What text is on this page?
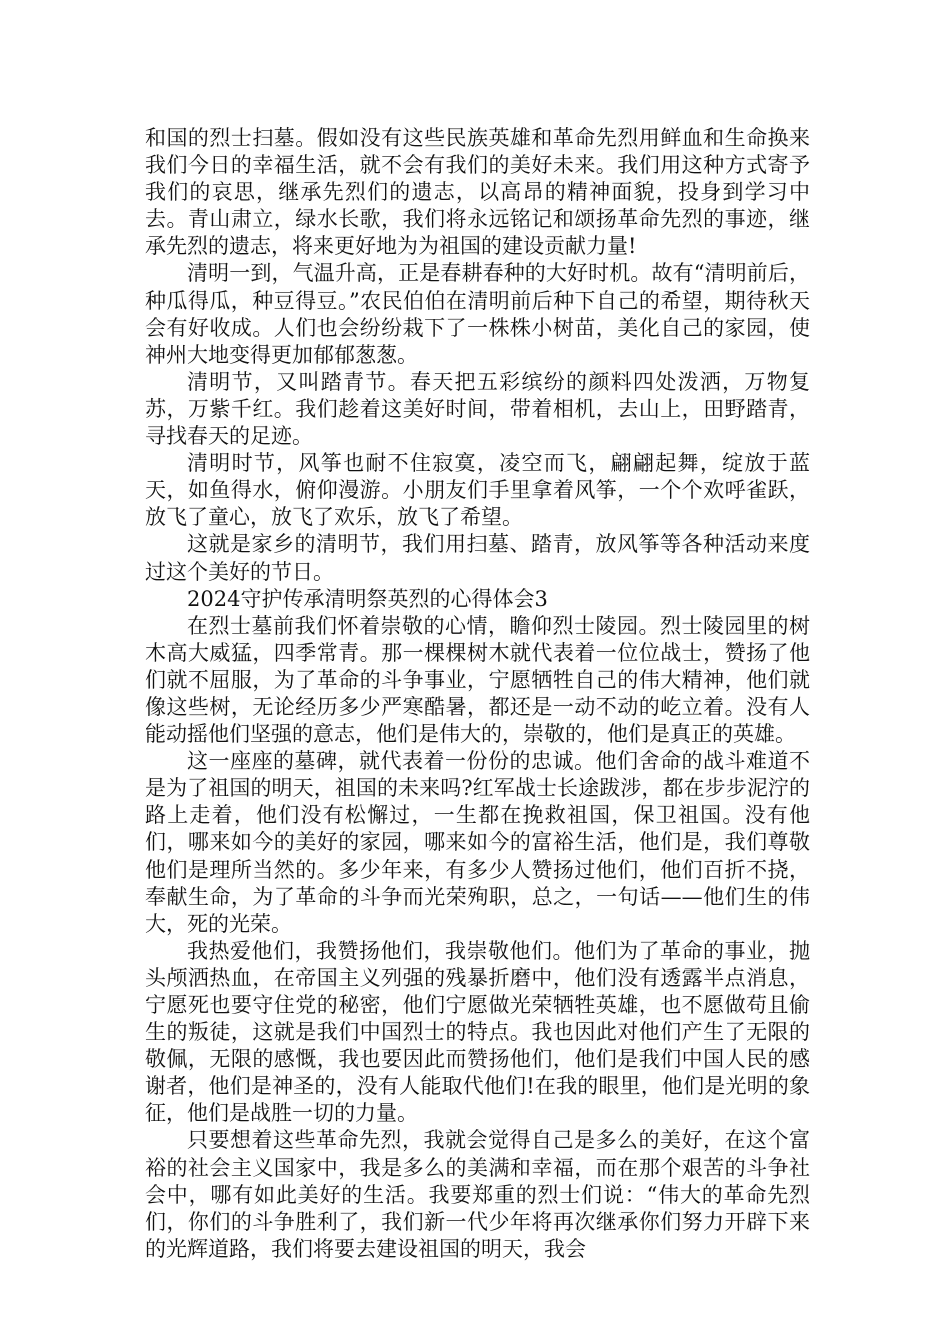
和国的烈士扫墓。假如没有这些民族英雄和革命先烈用鲜血和生命换来我们今日的幸福生活，就不会有我们的美好未来。我们用这种方式寄予我们的哀思，继承先烈们的遗志，以高昂的精神面貌，投身到学习中去。青山肃立，绿水长歌，我们将永远铭记和颂扬革命先烈的事迹，继承先烈的遗志，将来更好地为为祖国的建设贡献力量!

清明一到，气温升高，正是春耕春种的大好时机。故有“清明前后，种瓜得瓜，种豆得豆。”农民伯伯在清明前后种下自己的希望，期待秋天会有好收成。人们也会纷纷栽下了一株株小树苗，美化自己的家园，使神州大地变得更加郁郁葱葱。

清明节，又叫踏青节。春天把五彩缤纷的颜料四处泼洒，万物复苏，万紫千红。我们趁着这美好时间，带着相机，去山上，田野踏青，寻找春天的足迹。

清明时节，风筝也耐不住寂寞，凌空而飞，翩翩起舞，绽放于蓝天，如鱼得水，俯仰漫游。小朋友们手里拿着风筝，一个个欢呼雀跃，放飞了童心，放飞了欢乐，放飞了希望。

这就是家乡的清明节，我们用扫墓、踏青，放风筝等各种活动来度过这个美好的节日。

2024守护传承清明祭英烈的心得体会3

在烈士墓前我们怀着崇敬的心情，瞻仰烈士陵园。烈士陵园里的树木高大威猛，四季常青。那一棵棵树木就代表着一位位战士，赞扬了他们就不屈服，为了革命的斗争事业，宁愿牺牲自己的伟大精神，他们就像这些树，无论经历多少严寒酷暑，都还是一动不动的屹立着。没有人能动摇他们坚强的意志，他们是伟大的，崇敬的，他们是真正的英雄。

这一座座的墓碑，就代表着一份份的忠诚。他们舍命的战斗难道不是为了祖国的明天，祖国的未来吗?红军战士长途跋涉，都在步步泥泞的路上走着，他们没有松懈过，一生都在挽救祖国，保卫祖国。没有他们，哪来如今的美好的家园，哪来如今的富裕生活，他们是，我们尊敬他们是理所当然的。多少年来，有多少人赞扬过他们，他们百折不挠，奉献生命，为了革命的斗争而光荣殉职，总之，一句话——他们生的伟大，死的光荣。

我热爱他们，我赞扬他们，我崇敬他们。他们为了革命的事业，抛头颅洒热血，在帝国主义列强的残暴折磨中，他们没有透露半点消息，宁愿死也要守住党的秘密，他们宁愿做光荣牺牲英雄，也不愿做苟且偷生的叛徒，这就是我们中国烈士的特点。我也因此对他们产生了无限的敬佩，无限的感慨，我也要因此而赞扬他们，他们是我们中国人民的感谢者，他们是神圣的，没有人能取代他们!在我的眼里，他们是光明的象征，他们是战胜一切的力量。

只要想着这些革命先烈，我就会觉得自己是多么的美好，在这个富裕的社会主义国家中，我是多么的美满和幸福，而在那个艰苦的斗争社会中，哪有如此美好的生活。我要郑重的烈士们说：“伟大的革命先烈们，你们的斗争胜利了，我们新一代少年将再次继承你们努力开辟下来的光辉道路，我们将要去建设祖国的明天，我会
